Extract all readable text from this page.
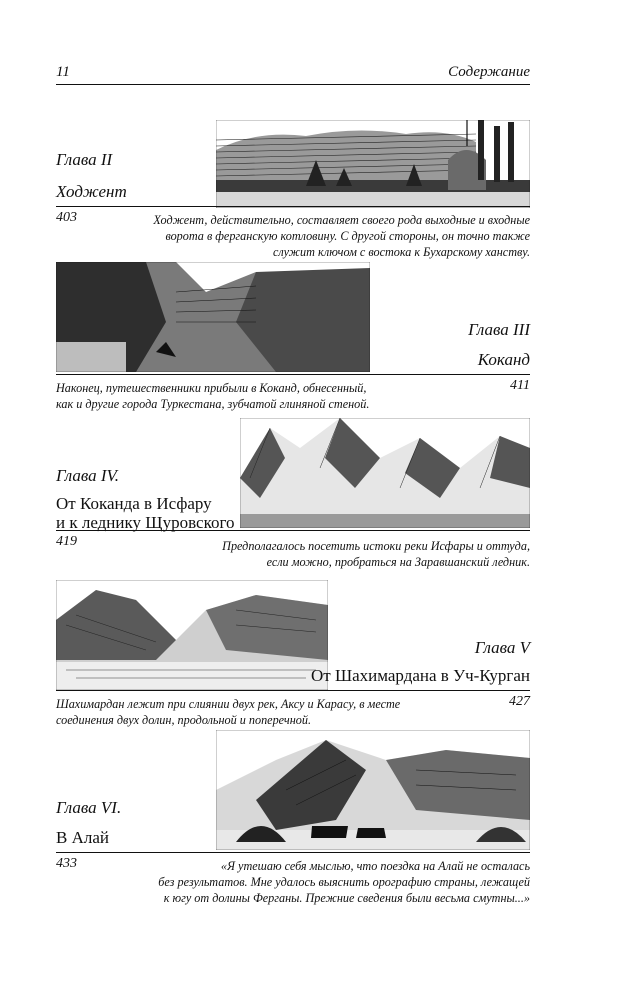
11	Содержание
Глава II
Ходжент
403	Ходжент, действительно, составляет своего рода выходные и входные
ворота в ферганскую котловину. С другой стороны, он точно также
служит ключом с востока к Бухарскому ханству.
Глава III
Коканд
411
Наконец, путешественники прибыли в Коканд, обнесенный,
как и другие города Туркестана, зубчатой глиняной стеной.
Глава IV.
От Коканда в Исфару
и к леднику Щуровского
419	Предполагалось посетить истоки реки Исфары и оттуда,
если можно, пробраться на Заравшанский ледник.
Глава V
От Шахимардана в Уч-Курган
427
Шахимардан лежит при слиянии двух рек, Аксу и Карасу, в месте
соединения двух долин, продольной и поперечной.
Глава VI.
В Алай
433	«Я утешаю себя мыслью, что поездка на Алай не осталась
без результатов. Мне удалось выяснить орографию страны, лежащей
к югу от долины Ферганы. Прежние сведения были весьма смутны...»
